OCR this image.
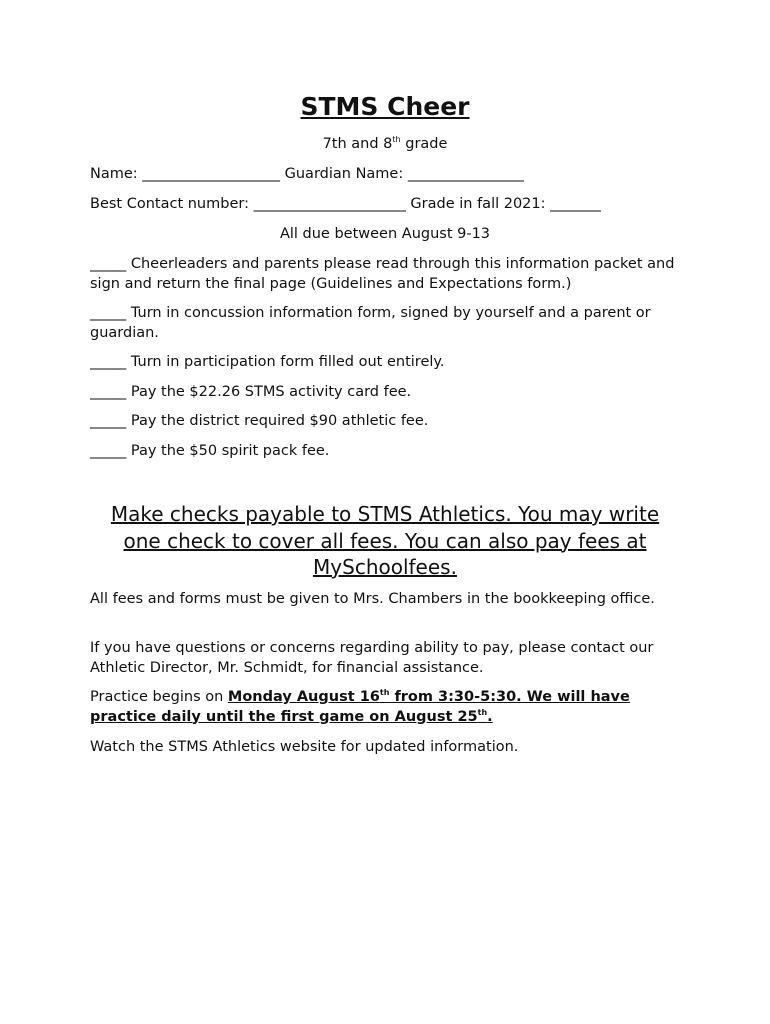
STMS Cheer
7th and 8th grade
Name: ___________________ Guardian Name: ________________
Best Contact number: _____________________ Grade in fall 2021: _______
All due between August 9-13
_____ Cheerleaders and parents please read through this information packet and sign and return the final page (Guidelines and Expectations form.)
_____ Turn in concussion information form, signed by yourself and a parent or guardian.
_____ Turn in participation form filled out entirely.
_____ Pay the $22.26 STMS activity card fee.
_____ Pay the district required $90 athletic fee.
_____ Pay the $50 spirit pack fee.
Make checks payable to STMS Athletics. You may write one check to cover all fees. You can also pay fees at MySchoolfees.
All fees and forms must be given to Mrs. Chambers in the bookkeeping office.
If you have questions or concerns regarding ability to pay, please contact our Athletic Director, Mr. Schmidt, for financial assistance.
Practice begins on Monday August 16th from 3:30-5:30. We will have practice daily until the first game on August 25th.
Watch the STMS Athletics website for updated information.
